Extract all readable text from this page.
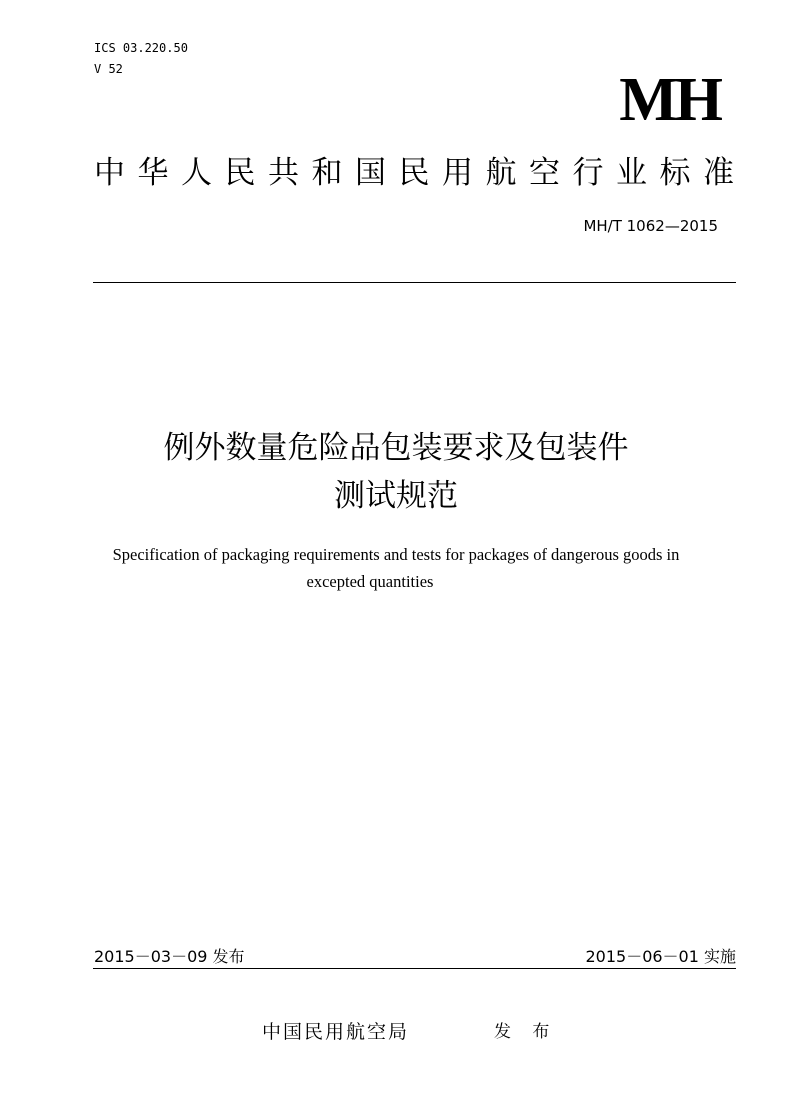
ICS 03.220.50
V 52	MH
中华人民共和国民用航空行业标准
MH/T 1062—2015
例外数量危险品包装要求及包装件
测试规范
Specification of packaging requirements and tests for packages of dangerous goods in
excepted quantities
2015－03－09 发布	2015－06－01 实施
中国民用航空局	发 布
